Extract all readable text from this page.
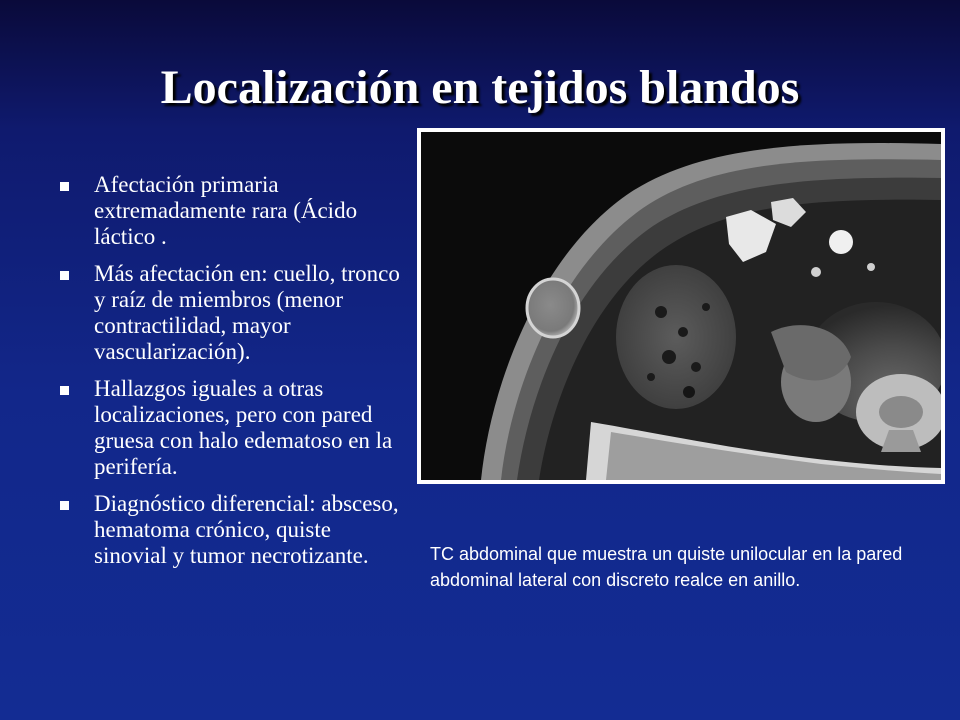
Localización en tejidos blandos
Afectación primaria extremadamente rara (Ácido láctico .
Más afectación en: cuello, tronco y raíz de miembros (menor contractilidad, mayor vascularización).
Hallazgos iguales a otras localizaciones, pero con pared gruesa con halo edematoso en la perifería.
Diagnóstico diferencial: absceso, hematoma crónico, quiste sinovial y tumor necrotizante.	TC abdominal que muestra un quiste unilocular en la pared abdominal lateral con discreto realce en anillo.
